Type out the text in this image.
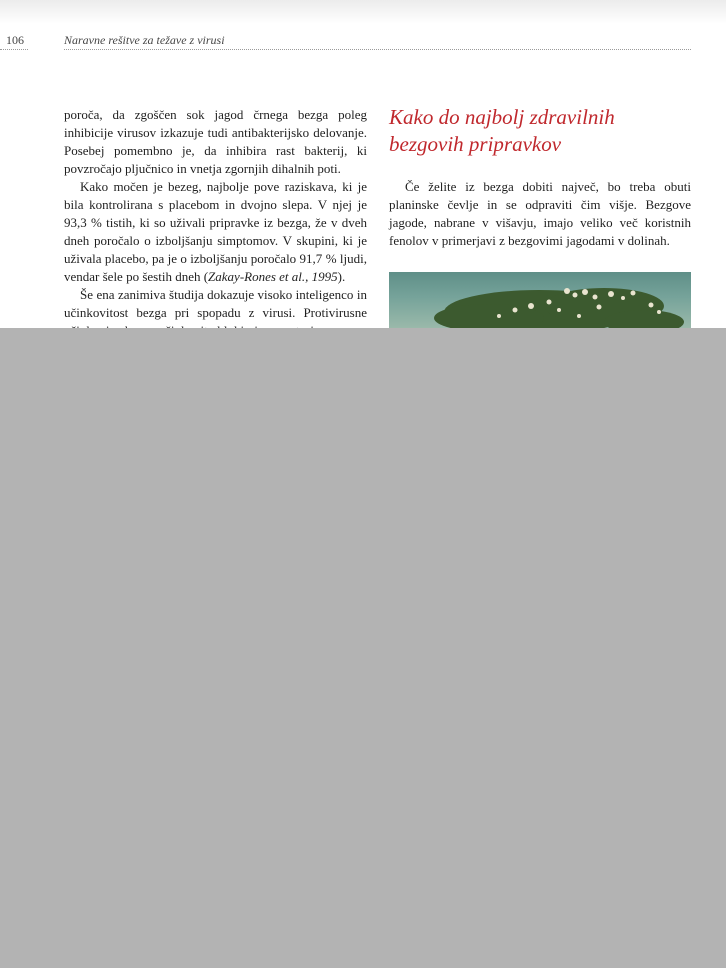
106	Naravne rešitve za težave z virusi

poroča, da zgoščen sok jagod črnega bezga poleg inhibicije virusov izkazuje tudi antibakterijsko delovanje. Posebej pomembno je, da inhibira rast bakterij, ki povzročajo pljučnico in vnetja zgornjih dihalnih poti.

Kako močen je bezeg, najbolje pove raziskava, ki je bila kontrolirana s placebom in dvojno slepa. V njej je 93,3 % tistih, ki so uživali pripravke iz bezga, že v dveh dneh poročalo o izboljšanju simptomov. V skupini, ki je uživala placebo, pa je o izboljšanju poročalo 91,7 % ljudi, vendar šele po šestih dneh (Zakay-Rones et al., 1995).

Še ena zanimiva študija dokazuje visoko inteligenco in učinkovitost bezga pri spopadu z virusi. Protivirusne

Kako do najbolj zdravilnih bezgovih pripravkov

Če želite iz bezga dobiti največ, bo treba obuti planinske čevlje in se odpraviti čim višje. Bezgove jagode, nabrane v višavju, imajo veliko več koristnih fenolov v primerjavi z bezgovimi jagodami v dolinah.
